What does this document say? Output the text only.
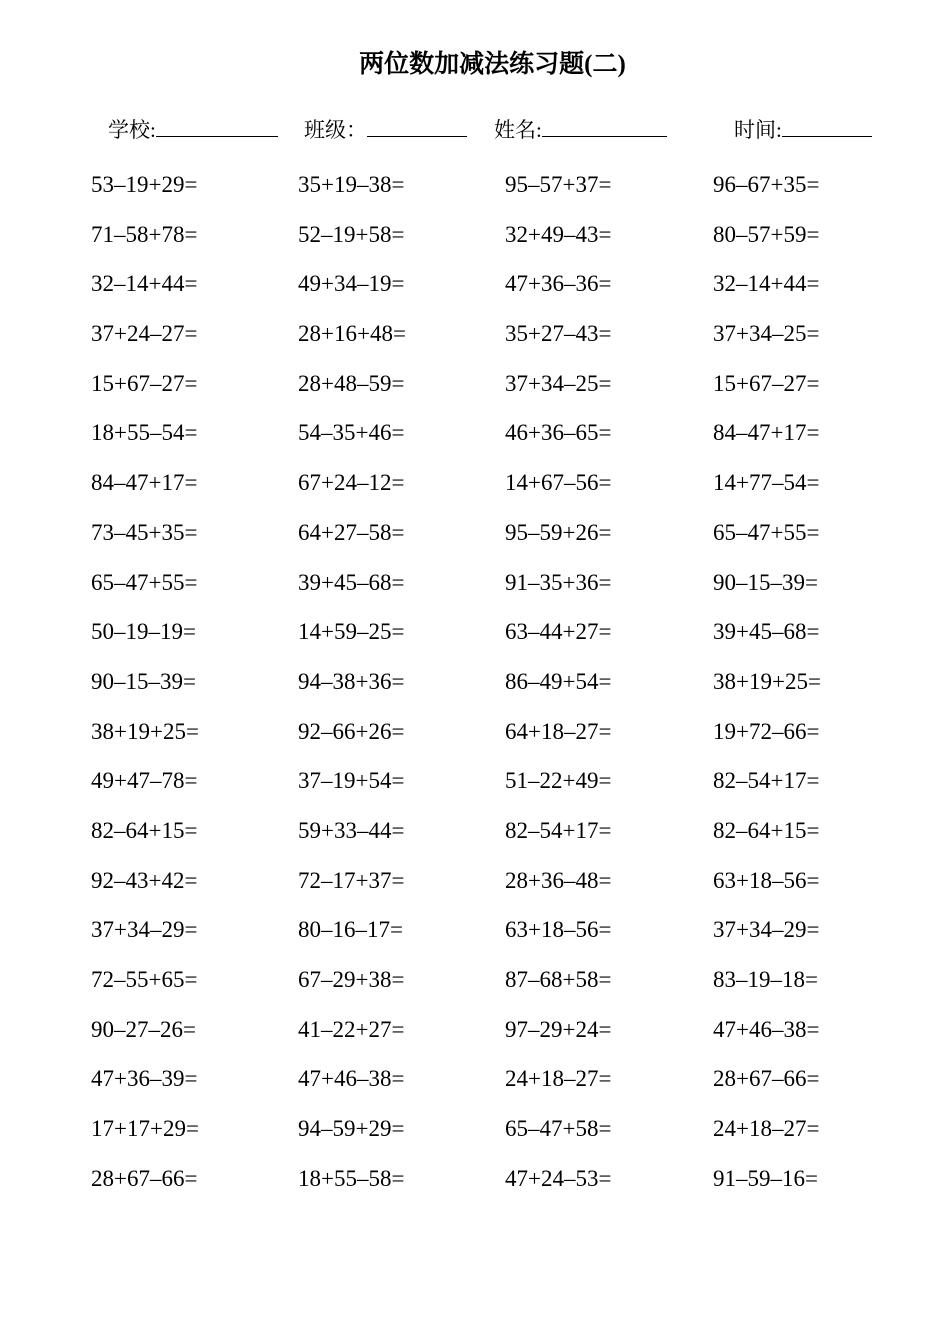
两位数加减法练习题(二)
学校:	班级：	姓名:	时间:
53–19+29=	35+19–38=	95–57+37=	96–67+35=
71–58+78=	52–19+58=	32+49–43=	80–57+59=
32–14+44=	49+34–19=	47+36–36=	32–14+44=
37+24–27=	28+16+48=	35+27–43=	37+34–25=
15+67–27=	28+48–59=	37+34–25=	15+67–27=
18+55–54=	54–35+46=	46+36–65=	84–47+17=
84–47+17=	67+24–12=	14+67–56=	14+77–54=
73–45+35=	64+27–58=	95–59+26=	65–47+55=
65–47+55=	39+45–68=	91–35+36=	90–15–39=
50–19–19=	14+59–25=	63–44+27=	39+45–68=
90–15–39=	94–38+36=	86–49+54=	38+19+25=
38+19+25=	92–66+26=	64+18–27=	19+72–66=
49+47–78=	37–19+54=	51–22+49=	82–54+17=
82–64+15=	59+33–44=	82–54+17=	82–64+15=
92–43+42=	72–17+37=	28+36–48=	63+18–56=
37+34–29=	80–16–17=	63+18–56=	37+34–29=
72–55+65=	67–29+38=	87–68+58=	83–19–18=
90–27–26=	41–22+27=	97–29+24=	47+46–38=
47+36–39=	47+46–38=	24+18–27=	28+67–66=
17+17+29=	94–59+29=	65–47+58=	24+18–27=
28+67–66=	18+55–58=	47+24–53=	91–59–16=
